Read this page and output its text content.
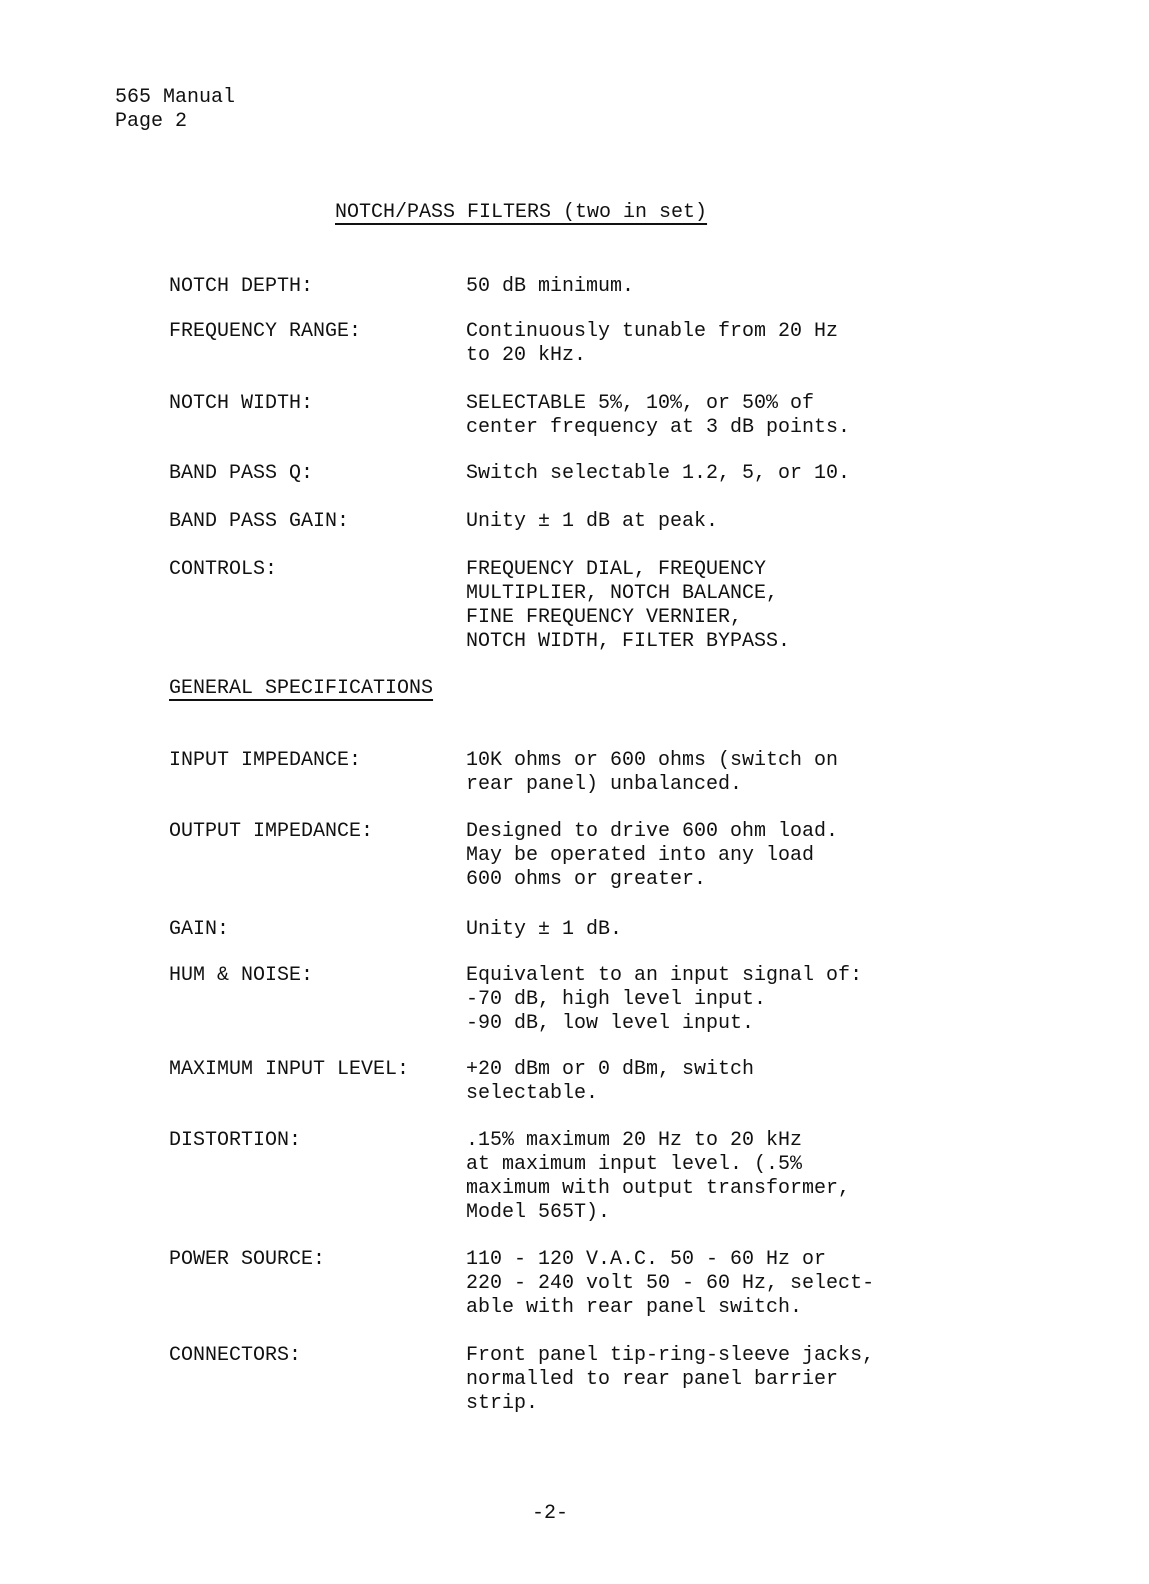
565 Manual
Page 2
NOTCH/PASS FILTERS (two in set)
NOTCH DEPTH:	50 dB minimum.
FREQUENCY RANGE:	Continuously tunable from 20 Hz
to 20 kHz.
NOTCH WIDTH:	SELECTABLE 5%, 10%, or 50% of
center frequency at 3 dB points.
BAND PASS Q:	Switch selectable 1.2, 5, or 10.
BAND PASS GAIN:	Unity ± 1 dB at peak.
CONTROLS:	FREQUENCY DIAL, FREQUENCY
MULTIPLIER, NOTCH BALANCE,
FINE FREQUENCY VERNIER,
NOTCH WIDTH, FILTER BYPASS.
GENERAL SPECIFICATIONS
INPUT IMPEDANCE:	10K ohms or 600 ohms (switch on
rear panel) unbalanced.
OUTPUT IMPEDANCE:	Designed to drive 600 ohm load.
May be operated into any load
600 ohms or greater.
GAIN:	Unity ± 1 dB.
HUM & NOISE:	Equivalent to an input signal of:
-70 dB, high level input.
-90 dB, low level input.
MAXIMUM INPUT LEVEL:	+20 dBm or 0 dBm, switch
selectable.
DISTORTION:	.15% maximum 20 Hz to 20 kHz
at maximum input level. (.5%
maximum with output transformer,
Model 565T).
POWER SOURCE:	110 - 120 V.A.C. 50 - 60 Hz or
220 - 240 volt 50 - 60 Hz, select-
able with rear panel switch.
CONNECTORS:	Front panel tip-ring-sleeve jacks,
normalled to rear panel barrier
strip.
-2-
